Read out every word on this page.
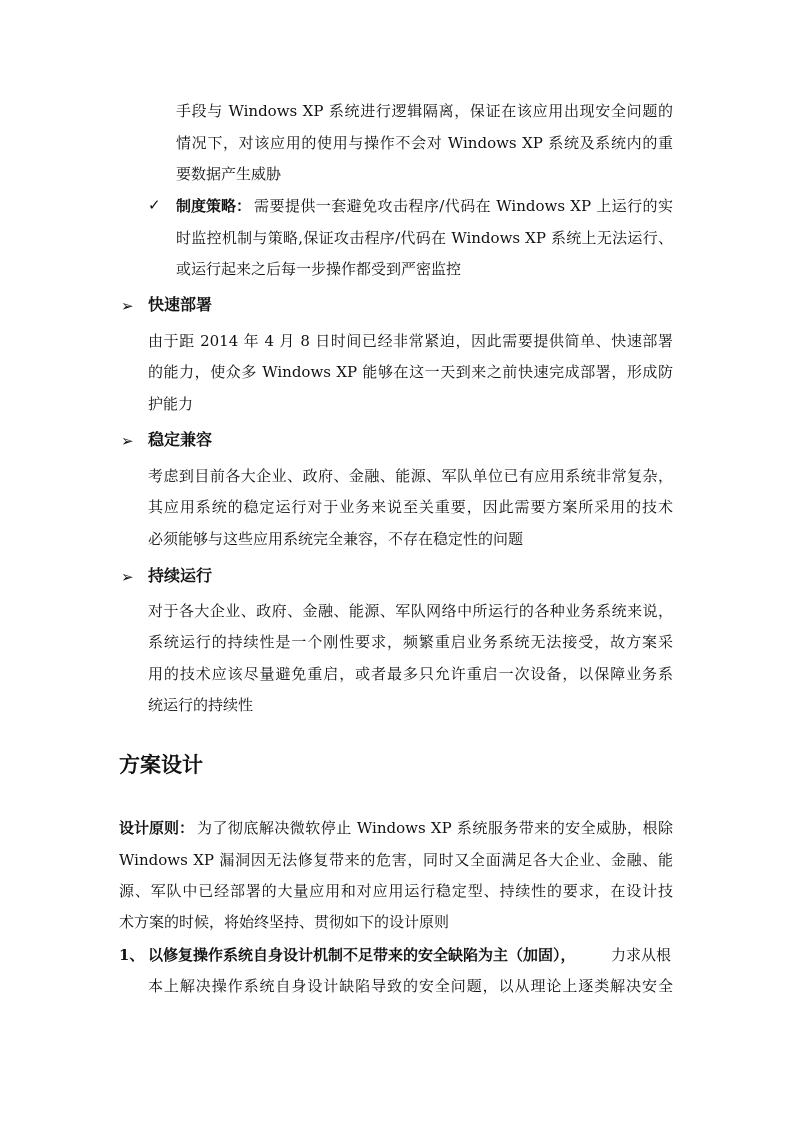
手段与 Windows XP 系统进行逻辑隔离，保证在该应用出现安全问题的
情况下，对该应用的使用与操作不会对 Windows XP 系统及系统内的重
要数据产生威胁
✓ 制度策略： 需要提供一套避免攻击程序/代码在 Windows XP 上运行的实
时监控机制与策略,保证攻击程序/代码在 Windows XP 系统上无法运行、
或运行起来之后每一步操作都受到严密监控
➢ 快速部署
由于距 2014 年 4 月 8 日时间已经非常紧迫，因此需要提供简单、快速部署
的能力，使众多 Windows XP 能够在这一天到来之前快速完成部署，形成防
护能力
➢ 稳定兼容
考虑到目前各大企业、政府、金融、能源、军队单位已有应用系统非常复杂，
其应用系统的稳定运行对于业务来说至关重要，因此需要方案所采用的技术
必须能够与这些应用系统完全兼容，不存在稳定性的问题
➢ 持续运行
对于各大企业、政府、金融、能源、军队网络中所运行的各种业务系统来说，
系统运行的持续性是一个刚性要求，频繁重启业务系统无法接受，故方案采
用的技术应该尽量避免重启，或者最多只允许重启一次设备，以保障业务系
统运行的持续性
方案设计
设计原则： 为了彻底解决微软停止 Windows XP 系统服务带来的安全威胁，根除
Windows XP 漏洞因无法修复带来的危害，同时又全面满足各大企业、金融、能
源、军队中已经部署的大量应用和对应用运行稳定型、持续性的要求，在设计技
术方案的时候，将始终坚持、贯彻如下的设计原则
1、 以修复操作系统自身设计机制不足带来的安全缺陷为主（加固）， 力求从根
本上解决操作系统自身设计缺陷导致的安全问题，以从理论上逐类解决安全
